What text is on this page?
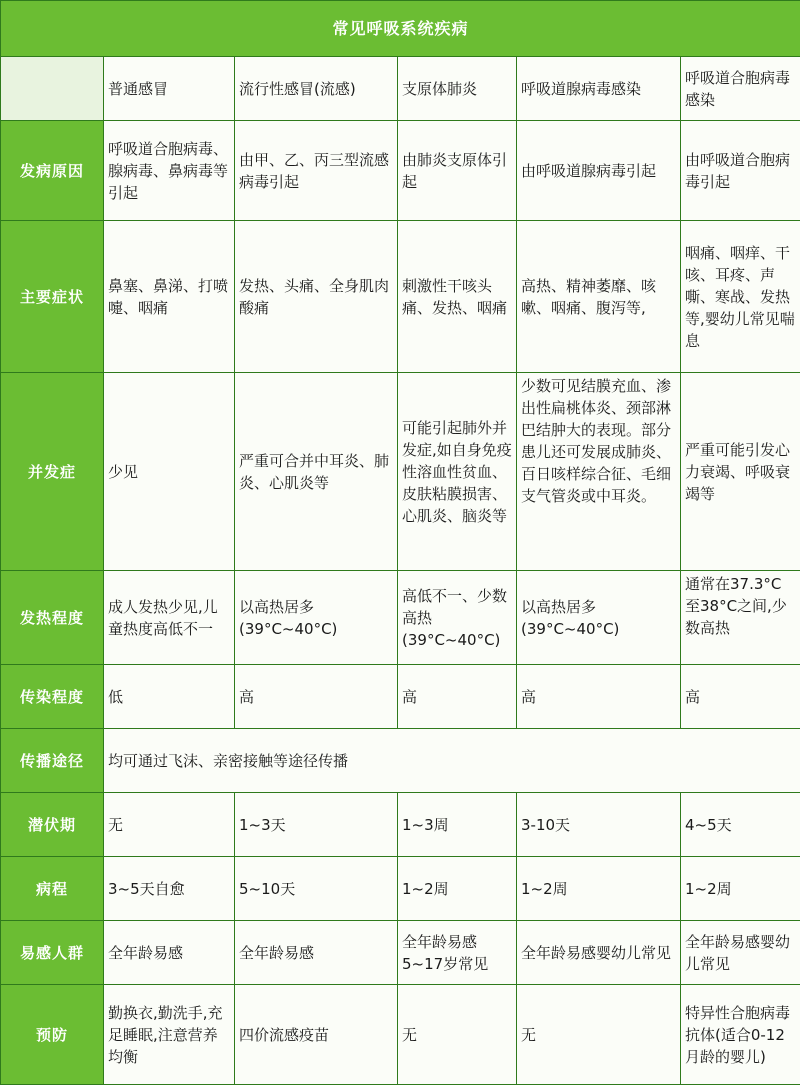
常见呼吸系统疾病					
	普通感冒	流行性感冒(流感)	支原体肺炎	呼吸道腺病毒感染	呼吸道合胞病毒感染
发病原因	呼吸道合胞病毒、腺病毒、鼻病毒等引起	由甲、乙、丙三型流感病毒引起	由肺炎支原体引起	由呼吸道腺病毒引起	由呼吸道合胞病毒引起
主要症状	鼻塞、鼻涕、打喷嚏、咽痛	发热、头痛、全身肌肉酸痛	刺激性干咳头痛、发热、咽痛	高热、精神萎靡、咳嗽、咽痛、腹泻等,	咽痛、咽痒、干咳、耳疼、声嘶、寒战、发热等,婴幼儿常见喘息
并发症	少见	严重可合并中耳炎、肺炎、心肌炎等	可能引起肺外并发症,如自身免疫性溶血性贫血、皮肤粘膜损害、心肌炎、脑炎等	少数可见结膜充血、渗出性扁桃体炎、颈部淋巴结肿大的表现。部分患儿还可发展成肺炎、百日咳样综合征、毛细支气管炎或中耳炎。	严重可能引发心力衰竭、呼吸衰竭等
发热程度	成人发热少见,儿童热度高低不一	以高热居多(39°C~40°C)	高低不一、少数高热(39°C~40°C)	以高热居多(39°C~40°C)	通常在37.3°C至38°C之间,少数高热

传染程度	低	高	高	高	高
传播途径	均可通过飞沫、亲密接触等途径传播				
潜伏期	无	1~3天	1~3周	3-10天	4~5天
病程	3~5天自愈	5~10天	1~2周	1~2周	1~2周
易感人群	全年龄易感	全年龄易感	全年龄易感5~17岁常见	全年龄易感婴幼儿常见	全年龄易感婴幼儿常见
预防	勤换衣,勤洗手,充足睡眠,注意营养均衡	四价流感疫苗	无	无	特异性合胞病毒抗体(适合0-12月龄的婴儿)
